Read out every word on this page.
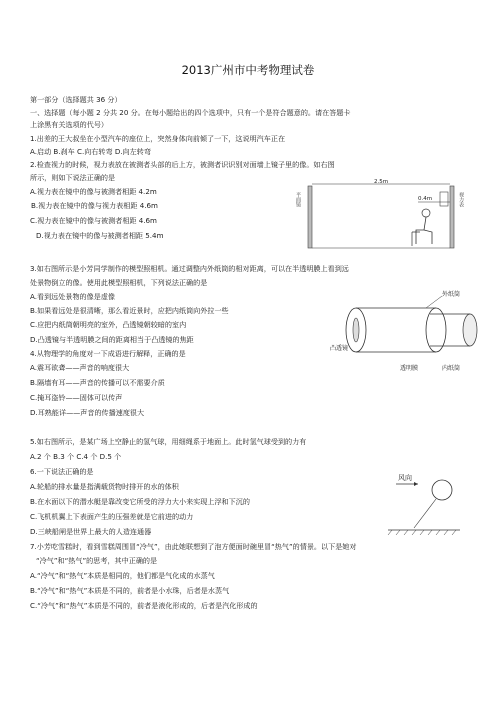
2013广州市中考物理试卷
第一部分（选择题共 36 分）
一、选择题（每小题 2 分共 20 分。在每小题给出的四个选项中，只有一个是符合题意的。请在答题卡
上涂黑有关选项的代号）
1.出差的王大叔坐在小型汽车的座位上，突然身体向前倾了一下，这说明汽车正在
A.启动 B.刹车 C.向右转弯 D.向左转弯
2.检查视力的时候，视力表放在被测者头部的后上方，被测者识识别对面墙上镜子里的像。如右图
所示，则如下说法正确的是
A.视力表在镜中的像与被测者相距 4.2m
B.视力表在镜中的像与视力表相距 4.6m
C.视力表在镜中的像与被测者相距 4.6m
D.视力表在镜中的像与被测者相距 5.4m
平面镜	视力表
2.5m
0.4m
3.如右图所示是小芳同学制作的模型照相机。通过调整内外纸筒的相对距离，可以在半透明膜上看到远
处景物倒立的像。使用此模型照相机，下列说法正确的是
A.看到远处景物的像是虚像
B.如果看远处是很清晰，那么看近景时，应把内纸筒向外拉一些
C.应把内纸筒朝明亮的室外，凸透镜朝较暗的室内
D.凸透镜与半透明膜之间的距离相当于凸透镜的焦距
外纸筒
凸透镜
透明膜	内纸筒
4.从物理学的角度对一下成语进行解释，正确的是
A.震耳欲聋——声音的响度很大
B.隔墙有耳——声音的传播可以不需要介质
C.掩耳盗铃——固体可以传声
D.耳熟能详——声音的传播速度很大
5.如右图所示，是某广场上空静止的氢气球，用细绳系于地面上。此时氢气球受到的力有
A.2 个 B.3 个 C.4 个 D.5 个
风向
6.一下说法正确的是
A.轮船的排水量是指满载货物时排开的水的体积
B.在水面以下的潜水艇是靠改变它所受的浮力大小来实现上浮和下沉的
C.飞机机翼上下表面产生的压强差就是它前进的动力
D.三峡船闸是世界上最大的人造连通器
7.小芳吃雪糕时，看到雪糕周围冒“冷气”，由此她联想到了泡方便面时碗里冒“热气”的情景。以下是她对
“冷气”和“热气”的思考，其中正确的是
A.“冷气”和“热气”本质是相同的，他们都是气化成的水蒸气
B.“冷气”和“热气”本质是不同的，前者是小水珠，后者是水蒸气
C.“冷气”和“热气”本质是不同的，前者是液化形成的，后者是汽化形成的
